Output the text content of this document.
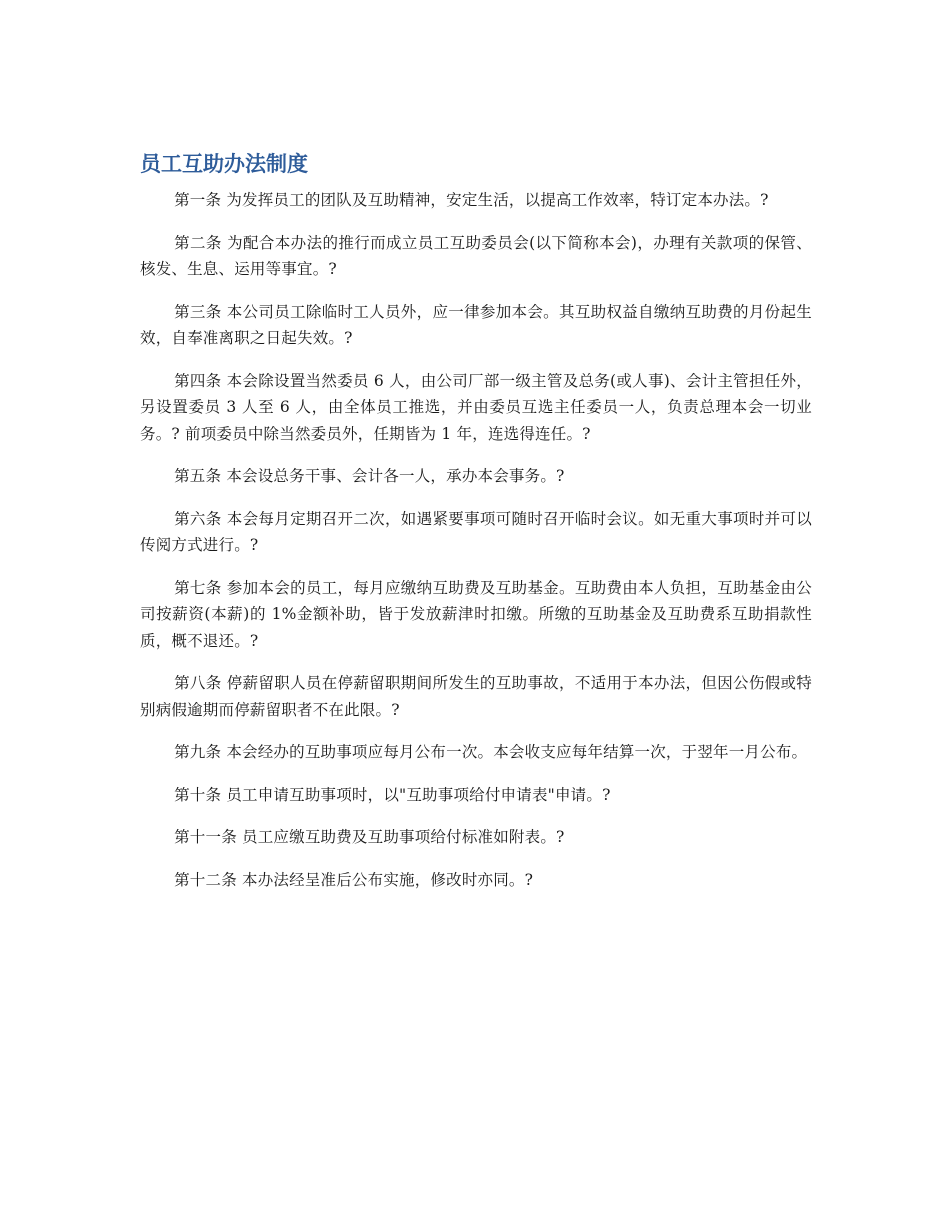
员工互助办法制度

第一条 为发挥员工的团队及互助精神，安定生活，以提高工作效率，特订定本办法。?

第二条 为配合本办法的推行而成立员工互助委员会(以下简称本会)，办理有关款项的保管、核发、生息、运用等事宜。?

第三条 本公司员工除临时工人员外，应一律参加本会。其互助权益自缴纳互助费的月份起生效，自奉准离职之日起失效。?

第四条 本会除设置当然委员 6 人，由公司厂部一级主管及总务(或人事)、会计主管担任外，另设置委员 3 人至 6 人，由全体员工推选，并由委员互选主任委员一人，负责总理本会一切业务。? 前项委员中除当然委员外，任期皆为 1 年，连选得连任。?

第五条 本会设总务干事、会计各一人，承办本会事务。?

第六条 本会每月定期召开二次，如遇紧要事项可随时召开临时会议。如无重大事项时并可以传阅方式进行。?

第七条 参加本会的员工，每月应缴纳互助费及互助基金。互助费由本人负担，互助基金由公司按薪资(本薪)的 1%金额补助，皆于发放薪津时扣缴。所缴的互助基金及互助费系互助捐款性质，概不退还。?

第八条 停薪留职人员在停薪留职期间所发生的互助事故，不适用于本办法，但因公伤假或特别病假逾期而停薪留职者不在此限。?

第九条 本会经办的互助事项应每月公布一次。本会收支应每年结算一次，于翌年一月公布。

第十条 员工申请互助事项时，以"互助事项给付申请表"申请。?

第十一条 员工应缴互助费及互助事项给付标准如附表。?

第十二条 本办法经呈准后公布实施，修改时亦同。?
